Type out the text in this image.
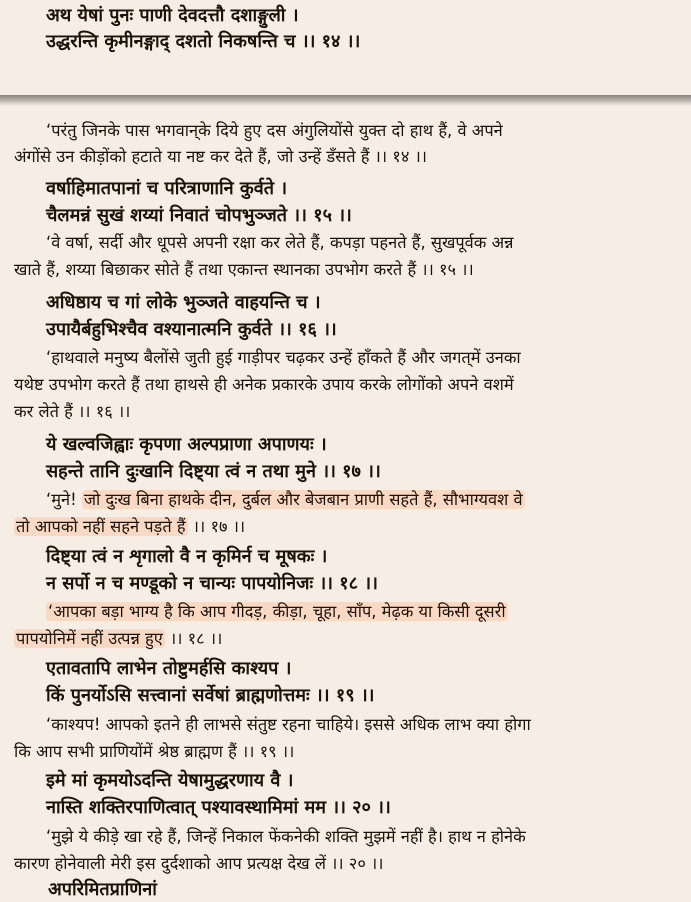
अथ येषां पुनः पाणी देवदत्तौ दशाङ्गुली ।
उद्धरन्ति कृमीनङ्गाद् दशतो निकषन्ति च ।। १४ ।।
‘परंतु जिनके पास भगवान्‌के दिये हुए दस अंगुलियोंसे युक्त दो हाथ हैं, वे अपने
अंगोंसे उन कीड़ोंको हटाते या नष्ट कर देते हैं, जो उन्हें डँसते हैं ।। १४ ।।
वर्षाहिमातपानां च परित्राणानि कुर्वते ।
चैलमन्नं सुखं शय्यां निवातं चोपभुञ्जते ।। १५ ।।
‘वे वर्षा, सर्दी और धूपसे अपनी रक्षा कर लेते हैं, कपड़ा पहनते हैं, सुखपूर्वक अन्न
खाते हैं, शय्या बिछाकर सोते हैं तथा एकान्त स्थानका उपभोग करते हैं ।। १५ ।।
अधिष्ठाय च गां लोके भुञ्जते वाहयन्ति च ।
उपायैर्बहुभिश्चैव वश्यानात्मनि कुर्वते ।। १६ ।।
‘हाथवाले मनुष्य बैलोंसे जुती हुई गाड़ीपर चढ़कर उन्हें हाँकते हैं और जगत्‌में उनका
यथेष्ट उपभोग करते हैं तथा हाथसे ही अनेक प्रकारके उपाय करके लोगोंको अपने वशमें
कर लेते हैं ।। १६ ।।
ये खल्वजिह्वाः कृपणा अल्पप्राणा अपाणयः ।
सहन्ते तानि दुःखानि दिष्ट्या त्वं न तथा मुने ।। १७ ।।
‘मुने! जो दुःख बिना हाथके दीन, दुर्बल और बेजबान प्राणी सहते हैं, सौभाग्यवश वे
तो आपको नहीं सहने पड़ते हैं ।। १७ ।।
दिष्ट्या त्वं न शृगालो वै न कृमिर्न च मूषकः ।
न सर्पो न च मण्डूको न चान्यः पापयोनिजः ।। १८ ।।
‘आपका बड़ा भाग्य है कि आप गीदड़, कीड़ा, चूहा, साँप, मेढ़क या किसी दूसरी
पापयोनिमें नहीं उत्पन्न हुए ।। १८ ।।
एतावतापि लाभेन तोष्टुमर्हसि काश्यप ।
किं पुनर्योऽसि सत्त्वानां सर्वेषां ब्राह्मणोत्तमः ।। १९ ।।
‘काश्यप! आपको इतने ही लाभसे संतुष्ट रहना चाहिये। इससे अधिक लाभ क्या होगा
कि आप सभी प्राणियोंमें श्रेष्ठ ब्राह्मण हैं ।। १९ ।।
इमे मां कृमयोऽदन्ति येषामुद्धरणाय वै ।
नास्ति शक्तिरपाणित्वात् पश्यावस्थामिमां मम ।। २० ।।
‘मुझे ये कीड़े खा रहे हैं, जिन्हें निकाल फेंकनेकी शक्ति मुझमें नहीं है। हाथ न होनेके
कारण होनेवाली मेरी इस दुर्दशाको आप प्रत्यक्ष देख लें ।। २० ।।
अपरिमितप्राणिनां
